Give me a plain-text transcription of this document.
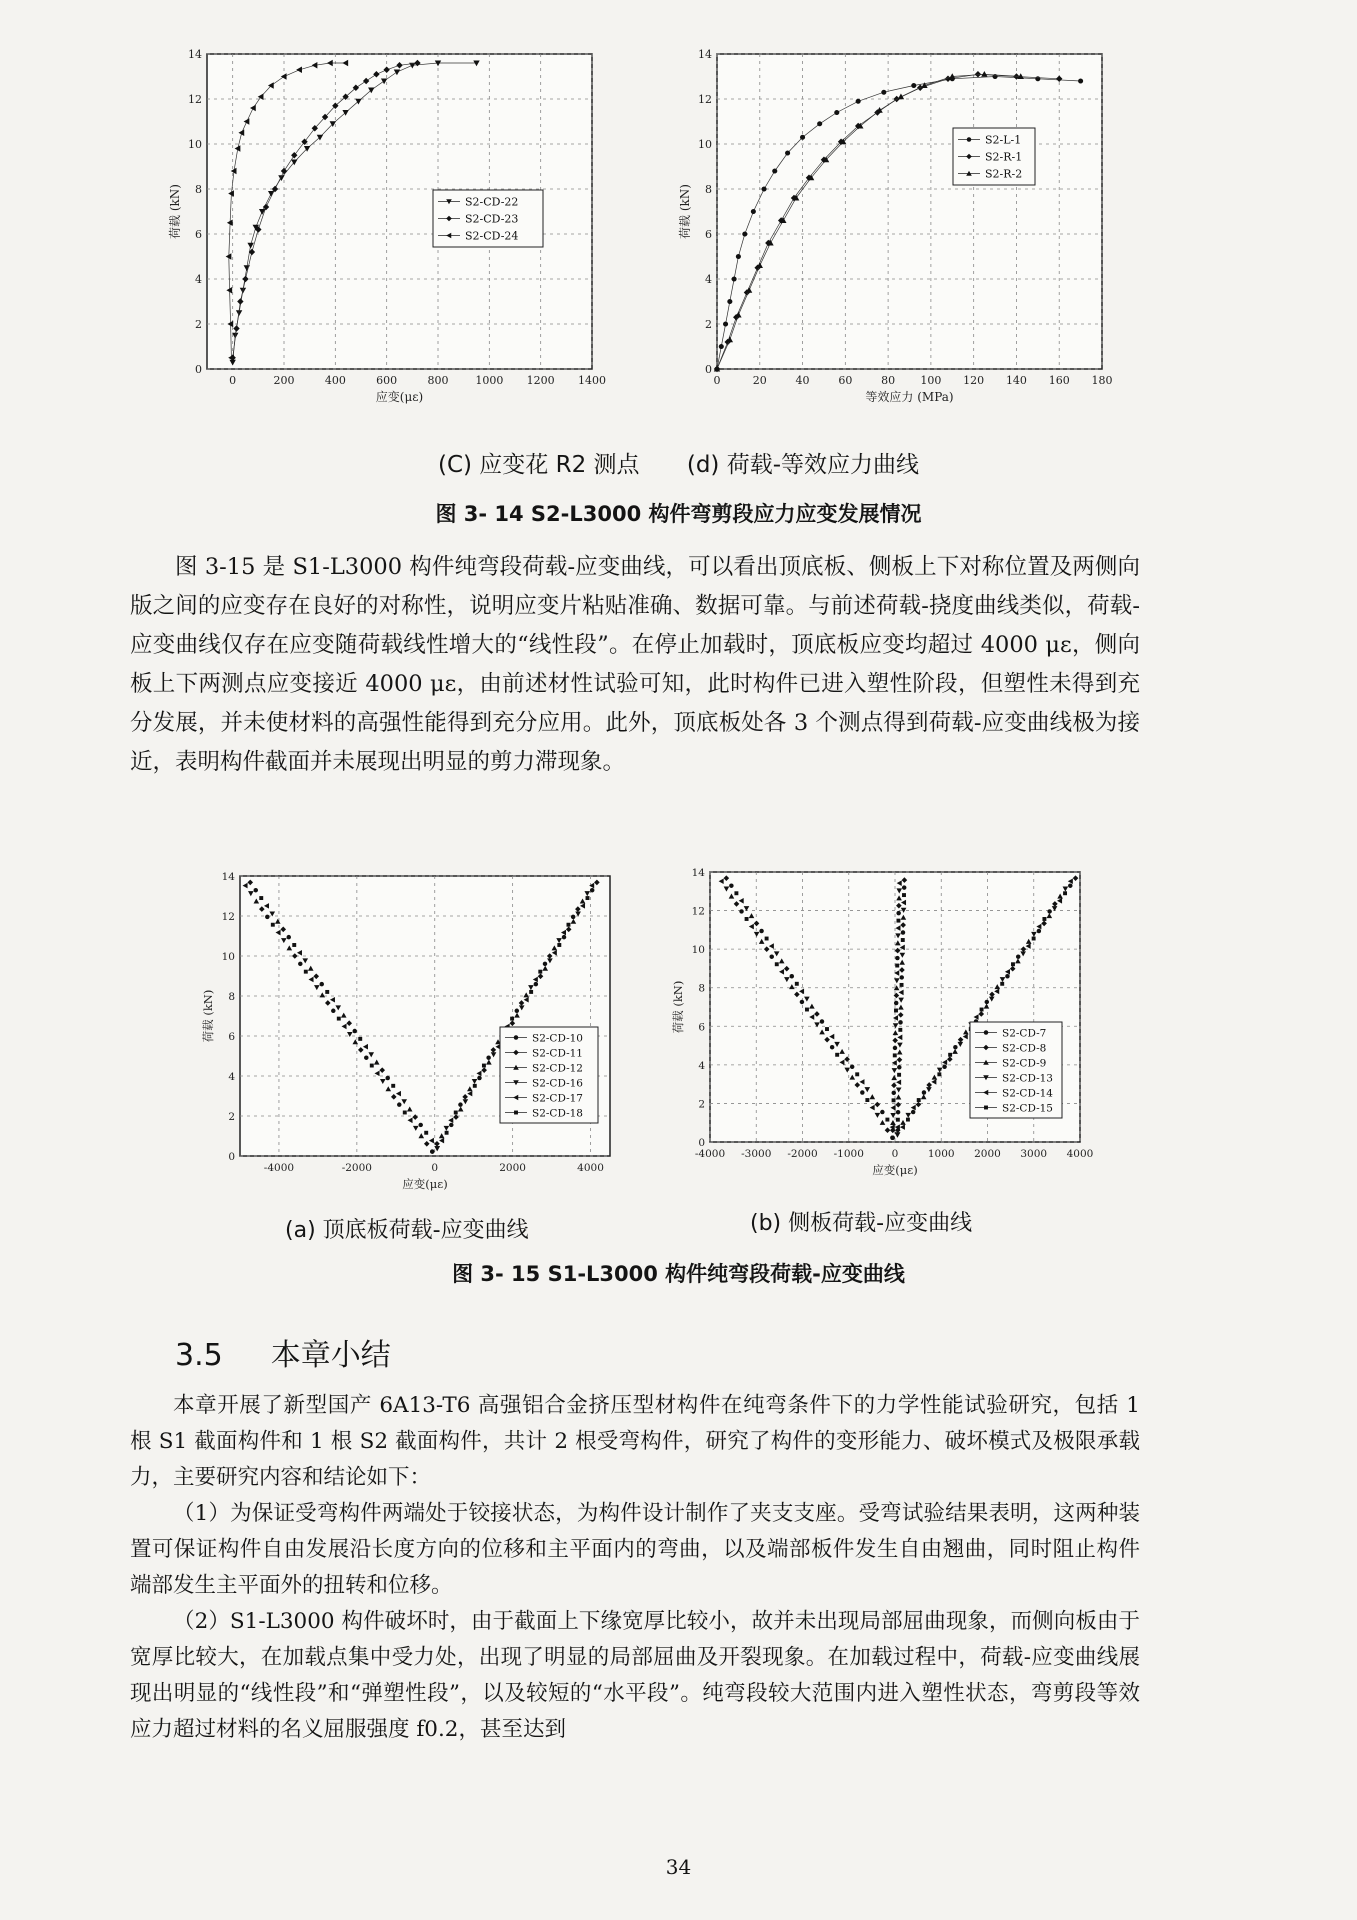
0	200	400	600	800 1000 1200 1400
0
2
4
6
8
10
12
14
应变(με)
荷载 (kN)	S2-CD-22
S2-CD-23
S2-CD-24
0	20	40	60	80 100 120 140 160 180
0
2
4
6
8
10
12
14
等效应力 (MPa)
荷载 (kN)
S2-L-1
S2-R-1
S2-R-2
(C) 应变花 R2 测点 (d) 荷载-等效应力曲线
图 3- 14 S2-L3000 构件弯剪段应力应变发展情况

图 3-15 是 S1-L3000 构件纯弯段荷载-应变曲线，可以看出顶底板、侧板上下对称位置及两侧向版之间的应变存在良好的对称性，说明应变片粘贴准确、数据可靠。与前述荷载-挠度曲线类似，荷载-应变曲线仅存在应变随荷载线性增大的“线性段”。在停止加载时，顶底板应变均超过 4000 με，侧向板上下两测点应变接近 4000 με，由前述材性试验可知，此时构件已进入塑性阶段，但塑性未得到充分发展，并未使材料的高强性能得到充分应用。此外，顶底板处各 3 个测点得到荷载-应变曲线极为接近，表明构件截面并未展现出明显的剪力滞现象。

-4000	-2000	0	2000	4000
0
2
4
6
8
10
12
14
应变(με)
荷载 (kN)	S2-CD-10
S2-CD-11
S2-CD-12
S2-CD-16
S2-CD-17
S2-CD-18
-4000 -3000 -2000 -1000	0	1000 2000 3000 4000
0
2
4
6
8
10
12
14
应变(με)
荷载 (kN)
S2-CD-7
S2-CD-8
S2-CD-9
S2-CD-13
S2-CD-14
S2-CD-15
(a) 顶底板荷载-应变曲线	(b) 侧板荷载-应变曲线
图 3- 15 S1-L3000 构件纯弯段荷载-应变曲线
3.5 本章小结

本章开展了新型国产 6A13-T6 高强铝合金挤压型材构件在纯弯条件下的力学性能试验研究，包括 1 根 S1 截面构件和 1 根 S2 截面构件，共计 2 根受弯构件，研究了构件的变形能力、破坏模式及极限承载力，主要研究内容和结论如下：

（1）为保证受弯构件两端处于铰接状态，为构件设计制作了夹支支座。受弯试验结果表明，这两种装置可保证构件自由发展沿长度方向的位移和主平面内的弯曲，以及端部板件发生自由翘曲，同时阻止构件端部发生主平面外的扭转和位移。

（2）S1-L3000 构件破坏时，由于截面上下缘宽厚比较小，故并未出现局部屈曲现象，而侧向板由于宽厚比较大，在加载点集中受力处，出现了明显的局部屈曲及开裂现象。在加载过程中，荷载-应变曲线展现出明显的“线性段”和“弹塑性段”，以及较短的“水平段”。纯弯段较大范围内进入塑性状态，弯剪段等效应力超过材料的名义屈服强度 f0.2，甚至达到

34
